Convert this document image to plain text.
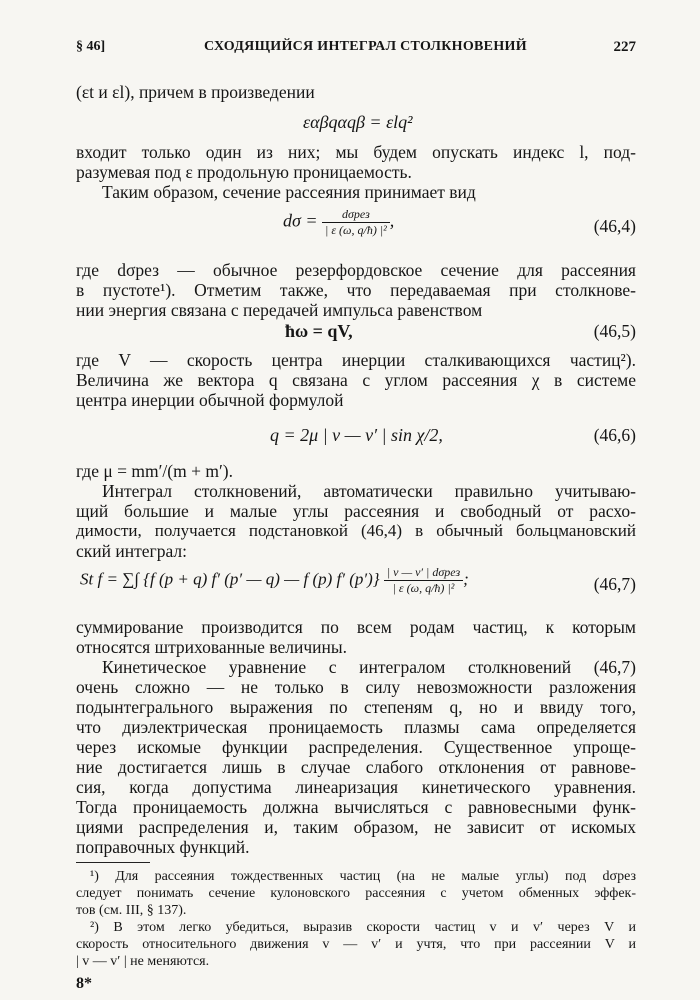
§ 46]	СХОДЯЩИЙСЯ ИНТЕГРАЛ СТОЛКНОВЕНИЙ	227
(εt и εl), причем в произведении
εαβqαqβ = εlq²
входит только один из них; мы будем опускать индекс l, под-
разумевая под ε продольную проницаемость.
Таким образом, сечение рассеяния принимает вид
$d\sigma = \frac{\text{dσрез}}{\text{| ε (ω, q/ħ) |²}}$ ,	(46,4)
где dσрез — обычное резерфордовское сечение для рассеяния
в пустоте¹). Отметим также, что передаваемая при столкнове-
нии энергия связана с передачей импульса равенством
ħω = qV,	(46,5)
где V — скорость центра инерции сталкивающихся частиц²).
Величина же вектора q связана с углом рассеяния χ в системе
центра инерции обычной формулой
q = 2μ | v — v′ | sin χ/2,	(46,6)
где μ = mm′/(m + m′).
Интеграл столкновений, автоматически правильно учитываю-
щий большие и малые углы рассеяния и свободный от расхо-
димости, получается подстановкой (46,4) в обычный больцмановский
ский интеграл:
St f = ∑∫ {f (p + q) f′ (p′ — q) — f (p) f′ $(p')\} \frac{\text{| v — v′ | dσрез}}{\text{| ε (ω, q/ħ) |²}}$ ;	(46,7)
суммирование производится по всем родам частиц, к которым
относятся штрихованные величины.
Кинетическое уравнение с интегралом столкновений (46,7)
очень сложно — не только в силу невозможности разложения
подынтегрального выражения по степеням q, но и ввиду того,
что диэлектрическая проницаемость плазмы сама определяется
через искомые функции распределения. Существенное упроще-
ние достигается лишь в случае слабого отклонения от равнове-
сия, когда допустима линеаризация кинетического уравнения.
Тогда проницаемость должна вычисляться с равновесными функ-
циями распределения и, таким образом, не зависит от искомых
поправочных функций.
¹) Для рассеяния тождественных частиц (на не малые углы) под dσрез
следует понимать сечение кулоновского рассеяния с учетом обменных эффек-
тов (см. III, § 137).
²) В этом легко убедиться, выразив скорости частиц v и v′ через V и
скорость относительного движения v — v′ и учтя, что при рассеянии V и
| v — v′ | не меняются.
8*
